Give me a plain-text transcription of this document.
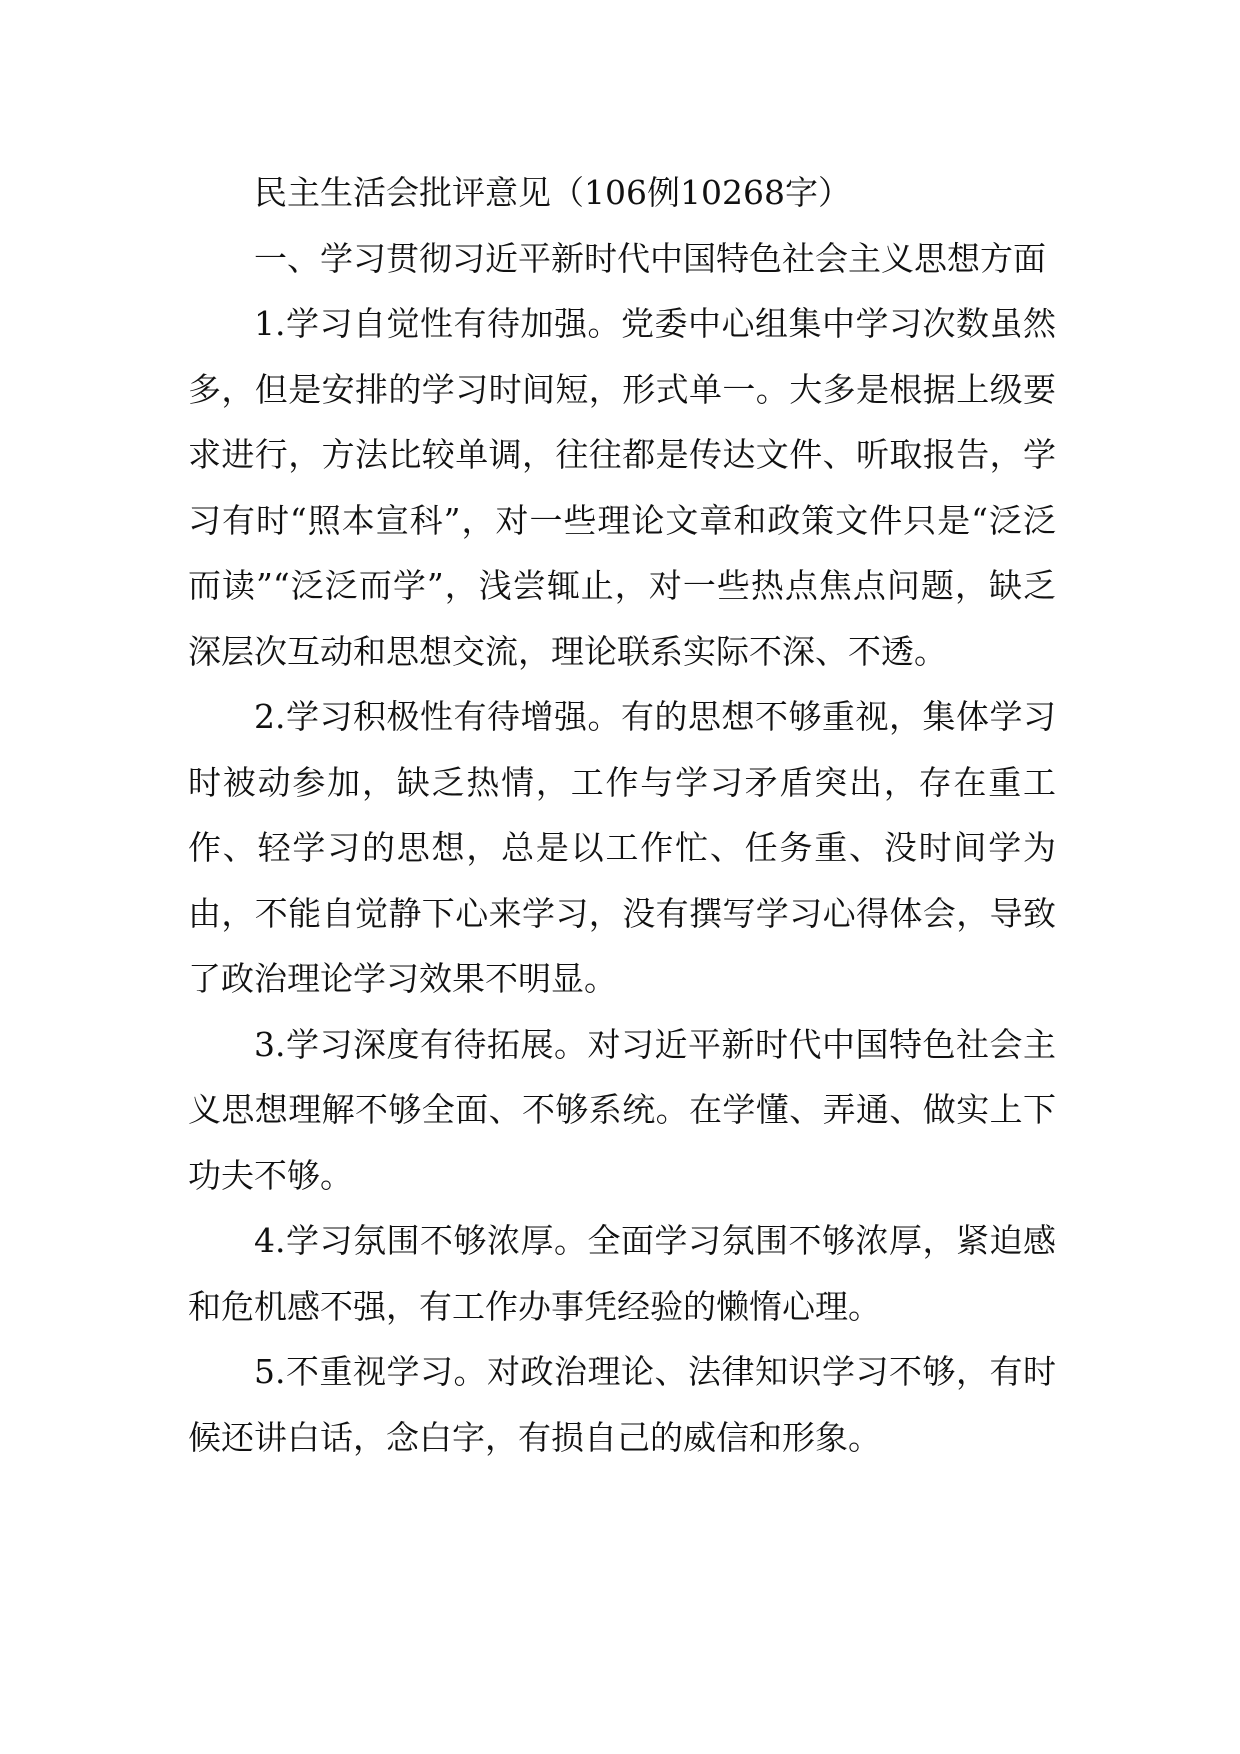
民主生活会批评意见（106例10268字）

一、学习贯彻习近平新时代中国特色社会主义思想方面

1.学习自觉性有待加强。党委中心组集中学习次数虽然多，但是安排的学习时间短，形式单一。大多是根据上级要求进行，方法比较单调，往往都是传达文件、听取报告，学习有时“照本宣科”，对一些理论文章和政策文件只是“泛泛而读”“泛泛而学”，浅尝辄止，对一些热点焦点问题，缺乏深层次互动和思想交流，理论联系实际不深、不透。

2.学习积极性有待增强。有的思想不够重视，集体学习时被动参加，缺乏热情，工作与学习矛盾突出，存在重工作、轻学习的思想，总是以工作忙、任务重、没时间学为由，不能自觉静下心来学习，没有撰写学习心得体会，导致了政治理论学习效果不明显。

3.学习深度有待拓展。对习近平新时代中国特色社会主义思想理解不够全面、不够系统。在学懂、弄通、做实上下功夫不够。

4.学习氛围不够浓厚。全面学习氛围不够浓厚，紧迫感和危机感不强，有工作办事凭经验的懒惰心理。

5.不重视学习。对政治理论、法律知识学习不够，有时候还讲白话，念白字，有损自己的威信和形象。
